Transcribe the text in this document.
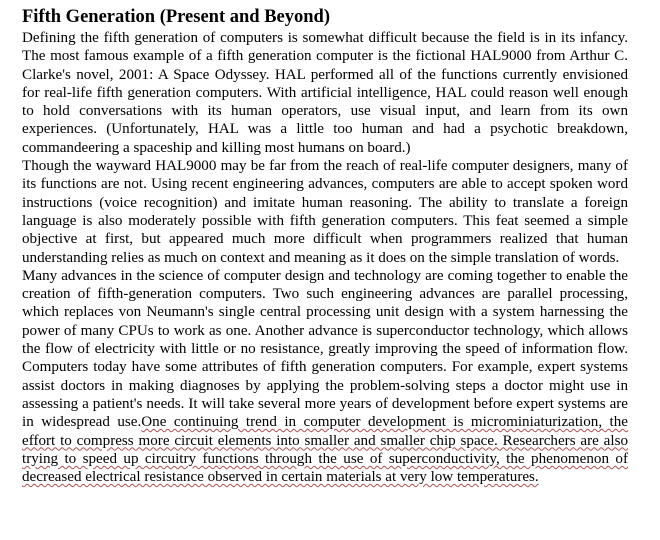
Fifth Generation (Present and Beyond)

Defining the fifth generation of computers is somewhat difficult because the field is in its infancy. The most famous example of a fifth generation computer is the fictional HAL9000 from Arthur C. Clarke's novel, 2001: A Space Odyssey. HAL performed all of the functions currently envisioned for real-life fifth generation computers. With artificial intelligence, HAL could reason well enough to hold conversations with its human operators, use visual input, and learn from its own experiences. (Unfortunately, HAL was a little too human and had a psychotic breakdown, commandeering a spaceship and killing most humans on board.)

Though the wayward HAL9000 may be far from the reach of real-life computer designers, many of its functions are not. Using recent engineering advances, computers are able to accept spoken word instructions (voice recognition) and imitate human reasoning. The ability to translate a foreign language is also moderately possible with fifth generation computers. This feat seemed a simple objective at first, but appeared much more difficult when programmers realized that human understanding relies as much on context and meaning as it does on the simple translation of words.

Many advances in the science of computer design and technology are coming together to enable the creation of fifth-generation computers. Two such engineering advances are parallel processing, which replaces von Neumann's single central processing unit design with a system harnessing the power of many CPUs to work as one. Another advance is superconductor technology, which allows the flow of electricity with little or no resistance, greatly improving the speed of information flow. Computers today have some attributes of fifth generation computers. For example, expert systems assist doctors in making diagnoses by applying the problem-solving steps a doctor might use in assessing a patient's needs. It will take several more years of development before expert systems are in widespread use.One continuing trend in computer development is microminiaturization, the effort to compress more circuit elements into smaller and smaller chip space. Researchers are also trying to speed up circuitry functions through the use of superconductivity, the phenomenon of decreased electrical resistance observed in certain materials at very low temperatures.
